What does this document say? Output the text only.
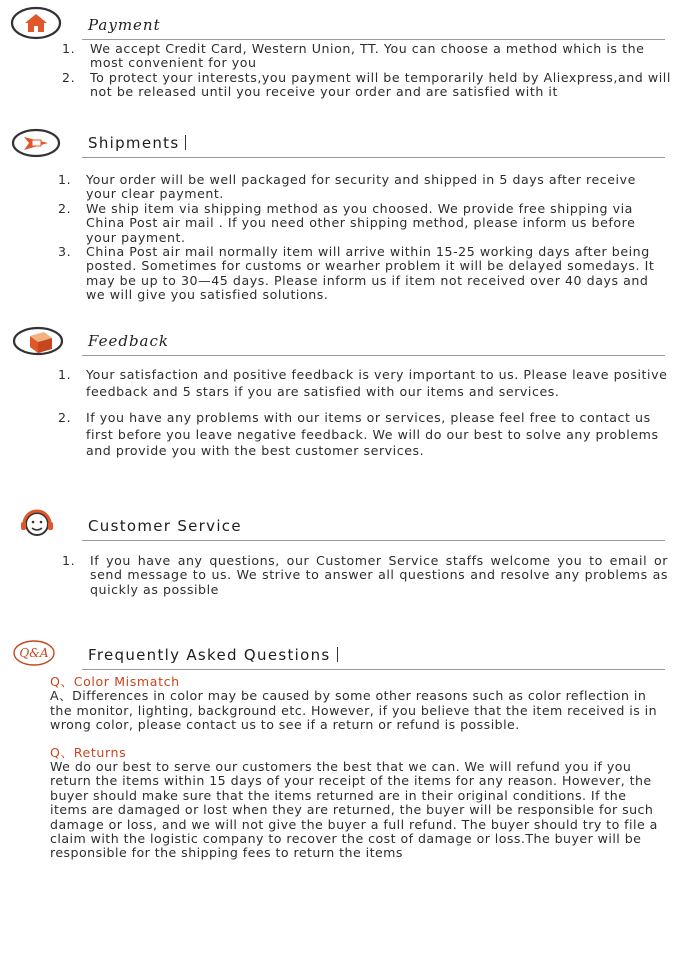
Payment
1. We accept Credit Card, Western Union, TT. You can choose a method which is the most convenient for you
2. To protect your interests,you payment will be temporarily held by Aliexpress,and will not be released until you receive your order and are satisfied with it
Shipments
1. Your order will be well packaged for security and shipped in 5 days after receive your clear payment.
2. We ship item via shipping method as you choosed. We provide free shipping via China Post air mail . If you need other shipping method, please inform us before your payment.
3. China Post air mail normally item will arrive within 15-25 working days after being posted. Sometimes for customs or wearher problem it will be delayed somedays. It may be up to 30—45 days. Please inform us if item not received over 40 days and we will give you satisfied solutions.
Feedback
1. Your satisfaction and positive feedback is very important to us. Please leave positive feedback and 5 stars if you are satisfied with our items and services.
2. If you have any problems with our items or services, please feel free to contact us first before you leave negative feedback. We will do our best to solve any problems and provide you with the best customer services.
Customer Service
1. If you have any questions, our Customer Service staffs welcome you to email or send message to us. We strive to answer all questions and resolve any problems as quickly as possible
Q&A	Frequently Asked Questions
Q、Color Mismatch
A、Differences in color may be caused by some other reasons such as color reflection in the monitor, lighting, background etc. However, if you believe that the item received is in wrong color, please contact us to see if a return or refund is possible.
Q、Returns
We do our best to serve our customers the best that we can. We will refund you if you return the items within 15 days of your receipt of the items for any reason. However, the buyer should make sure that the items returned are in their original conditions. If the items are damaged or lost when they are returned, the buyer will be responsible for such damage or loss, and we will not give the buyer a full refund. The buyer should try to file a claim with the logistic company to recover the cost of damage or loss.The buyer will be responsible for the shipping fees to return the items
